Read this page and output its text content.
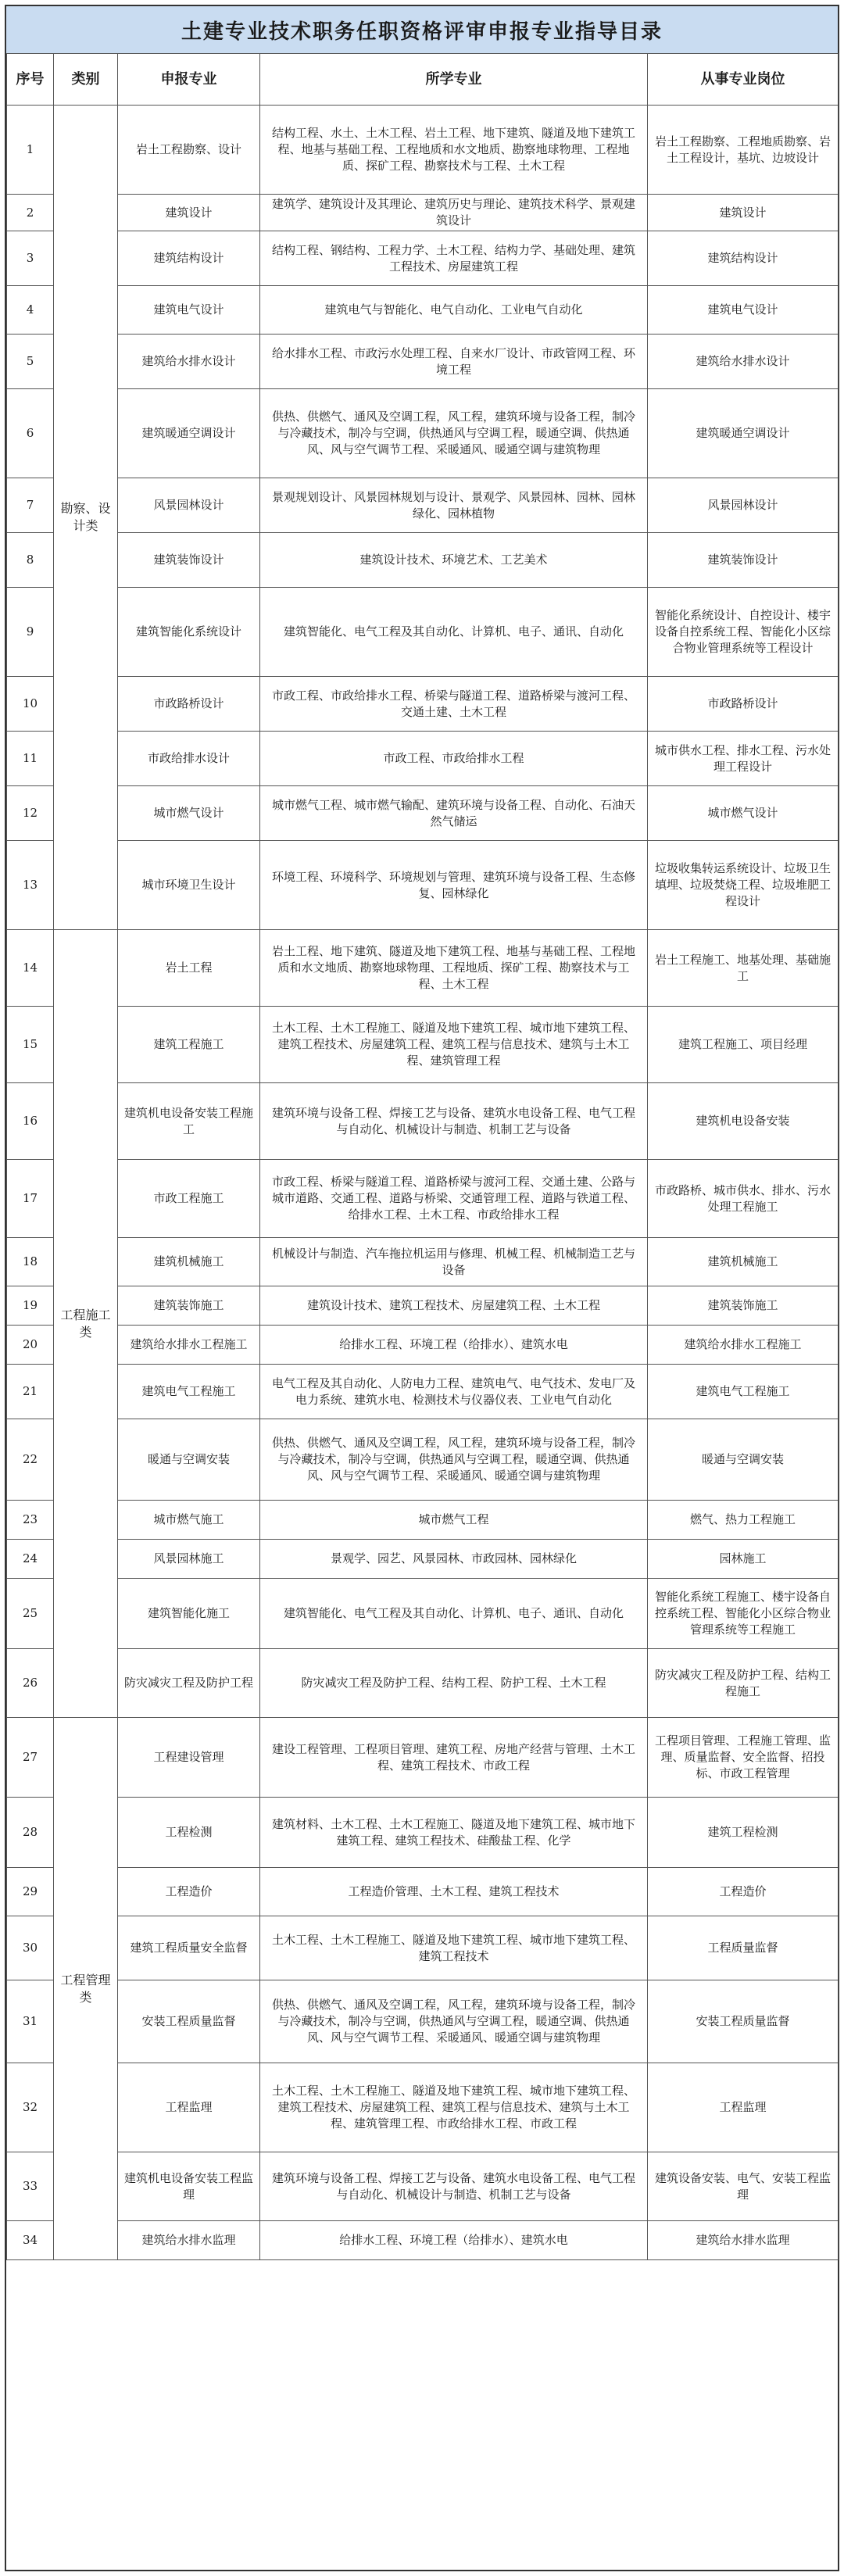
土建专业技术职务任职资格评审申报专业指导目录
序号	类别	申报专业	所学专业	从事专业岗位
1	勘察、设计类	岩土工程勘察、设计	结构工程、水土、土木工程、岩土工程、地下建筑、隧道及地下建筑工程、地基与基础工程、工程地质和水文地质、勘察地球物理、工程地质、探矿工程、勘察技术与工程、土木工程	岩土工程勘察、工程地质勘察、岩土工程设计，基坑、边坡设计
2		建筑设计	建筑学、建筑设计及其理论、建筑历史与理论、建筑技术科学、景观建筑设计	建筑设计
3		建筑结构设计	结构工程、钢结构、工程力学、土木工程、结构力学、基础处理、建筑工程技术、房屋建筑工程	建筑结构设计
4		建筑电气设计	建筑电气与智能化、电气自动化、工业电气自动化	建筑电气设计
5		建筑给水排水设计	给水排水工程、市政污水处理工程、自来水厂设计、市政管网工程、环境工程	建筑给水排水设计
6		建筑暖通空调设计	供热、供燃气、通风及空调工程，风工程，建筑环境与设备工程，制冷与冷藏技术，制冷与空调，供热通风与空调工程，暖通空调、供热通风、风与空气调节工程、采暖通风、暖通空调与建筑物理	建筑暖通空调设计
7		风景园林设计	景观规划设计、风景园林规划与设计、景观学、风景园林、园林、园林绿化、园林植物	风景园林设计
8		建筑装饰设计	建筑设计技术、环境艺术、工艺美术	建筑装饰设计
9		建筑智能化系统设计	建筑智能化、电气工程及其自动化、计算机、电子、通讯、自动化	智能化系统设计、自控设计、楼宇设备自控系统工程、智能化小区综合物业管理系统等工程设计
10		市政路桥设计	市政工程、市政给排水工程、桥梁与隧道工程、道路桥梁与渡河工程、交通土建、土木工程	市政路桥设计
11		市政给排水设计	市政工程、市政给排水工程	城市供水工程、排水工程、污水处理工程设计
12		城市燃气设计	城市燃气工程、城市燃气输配、建筑环境与设备工程、自动化、石油天然气储运	城市燃气设计
13		城市环境卫生设计	环境工程、环境科学、环境规划与管理、建筑环境与设备工程、生态修复、园林绿化	垃圾收集转运系统设计、垃圾卫生填埋、垃圾焚烧工程、垃圾堆肥工程设计
14	工程施工类	岩土工程	岩土工程、地下建筑、隧道及地下建筑工程、地基与基础工程、工程地质和水文地质、勘察地球物理、工程地质、探矿工程、勘察技术与工程、土木工程	岩土工程施工、地基处理、基础施工
15		建筑工程施工	土木工程、土木工程施工、隧道及地下建筑工程、城市地下建筑工程、建筑工程技术、房屋建筑工程、建筑工程与信息技术、建筑与土木工程、建筑管理工程	建筑工程施工、项目经理
16		建筑机电设备安装工程施工	建筑环境与设备工程、焊接工艺与设备、建筑水电设备工程、电气工程与自动化、机械设计与制造、机制工艺与设备	建筑机电设备安装
17		市政工程施工	市政工程、桥梁与隧道工程、道路桥梁与渡河工程、交通土建、公路与城市道路、交通工程、道路与桥梁、交通管理工程、道路与铁道工程、给排水工程、土木工程、市政给排水工程	市政路桥、城市供水、排水、污水处理工程施工
18		建筑机械施工	机械设计与制造、汽车拖拉机运用与修理、机械工程、机械制造工艺与设备	建筑机械施工
19		建筑装饰施工	建筑设计技术、建筑工程技术、房屋建筑工程、土木工程	建筑装饰施工
20		建筑给水排水工程施工	给排水工程、环境工程（给排水）、建筑水电	建筑给水排水工程施工
21		建筑电气工程施工	电气工程及其自动化、人防电力工程、建筑电气、电气技术、发电厂及电力系统、建筑水电、检测技术与仪器仪表、工业电气自动化	建筑电气工程施工
22		暖通与空调安装	供热、供燃气、通风及空调工程，风工程，建筑环境与设备工程，制冷与冷藏技术，制冷与空调，供热通风与空调工程，暖通空调、供热通风、风与空气调节工程、采暖通风、暖通空调与建筑物理	暖通与空调安装
23		城市燃气施工	城市燃气工程	燃气、热力工程施工
24		风景园林施工	景观学、园艺、风景园林、市政园林、园林绿化	园林施工
25		建筑智能化施工	建筑智能化、电气工程及其自动化、计算机、电子、通讯、自动化	智能化系统工程施工、楼宇设备自控系统工程、智能化小区综合物业管理系统等工程施工
26		防灾减灾工程及防护工程	防灾减灾工程及防护工程、结构工程、防护工程、土木工程	防灾减灾工程及防护工程、结构工程施工
27	工程管理类	工程建设管理	建设工程管理、工程项目管理、建筑工程、房地产经营与管理、土木工程、建筑工程技术、市政工程	工程项目管理、工程施工管理、监理、质量监督、安全监督、招投标、市政工程管理
28		工程检测	建筑材料、土木工程、土木工程施工、隧道及地下建筑工程、城市地下建筑工程、建筑工程技术、硅酸盐工程、化学	建筑工程检测
29		工程造价	工程造价管理、土木工程、建筑工程技术	工程造价
30		建筑工程质量安全监督	土木工程、土木工程施工、隧道及地下建筑工程、城市地下建筑工程、建筑工程技术	工程质量监督
31		安装工程质量监督	供热、供燃气、通风及空调工程，风工程，建筑环境与设备工程，制冷与冷藏技术，制冷与空调，供热通风与空调工程，暖通空调、供热通风、风与空气调节工程、采暖通风、暖通空调与建筑物理	安装工程质量监督
32		工程监理	土木工程、土木工程施工、隧道及地下建筑工程、城市地下建筑工程、建筑工程技术、房屋建筑工程、建筑工程与信息技术、建筑与土木工程、建筑管理工程、市政给排水工程、市政工程	工程监理
33		建筑机电设备安装工程监理	建筑环境与设备工程、焊接工艺与设备、建筑水电设备工程、电气工程与自动化、机械设计与制造、机制工艺与设备	建筑设备安装、电气、安装工程监理
34		建筑给水排水监理	给排水工程、环境工程（给排水）、建筑水电	建筑给水排水监理
